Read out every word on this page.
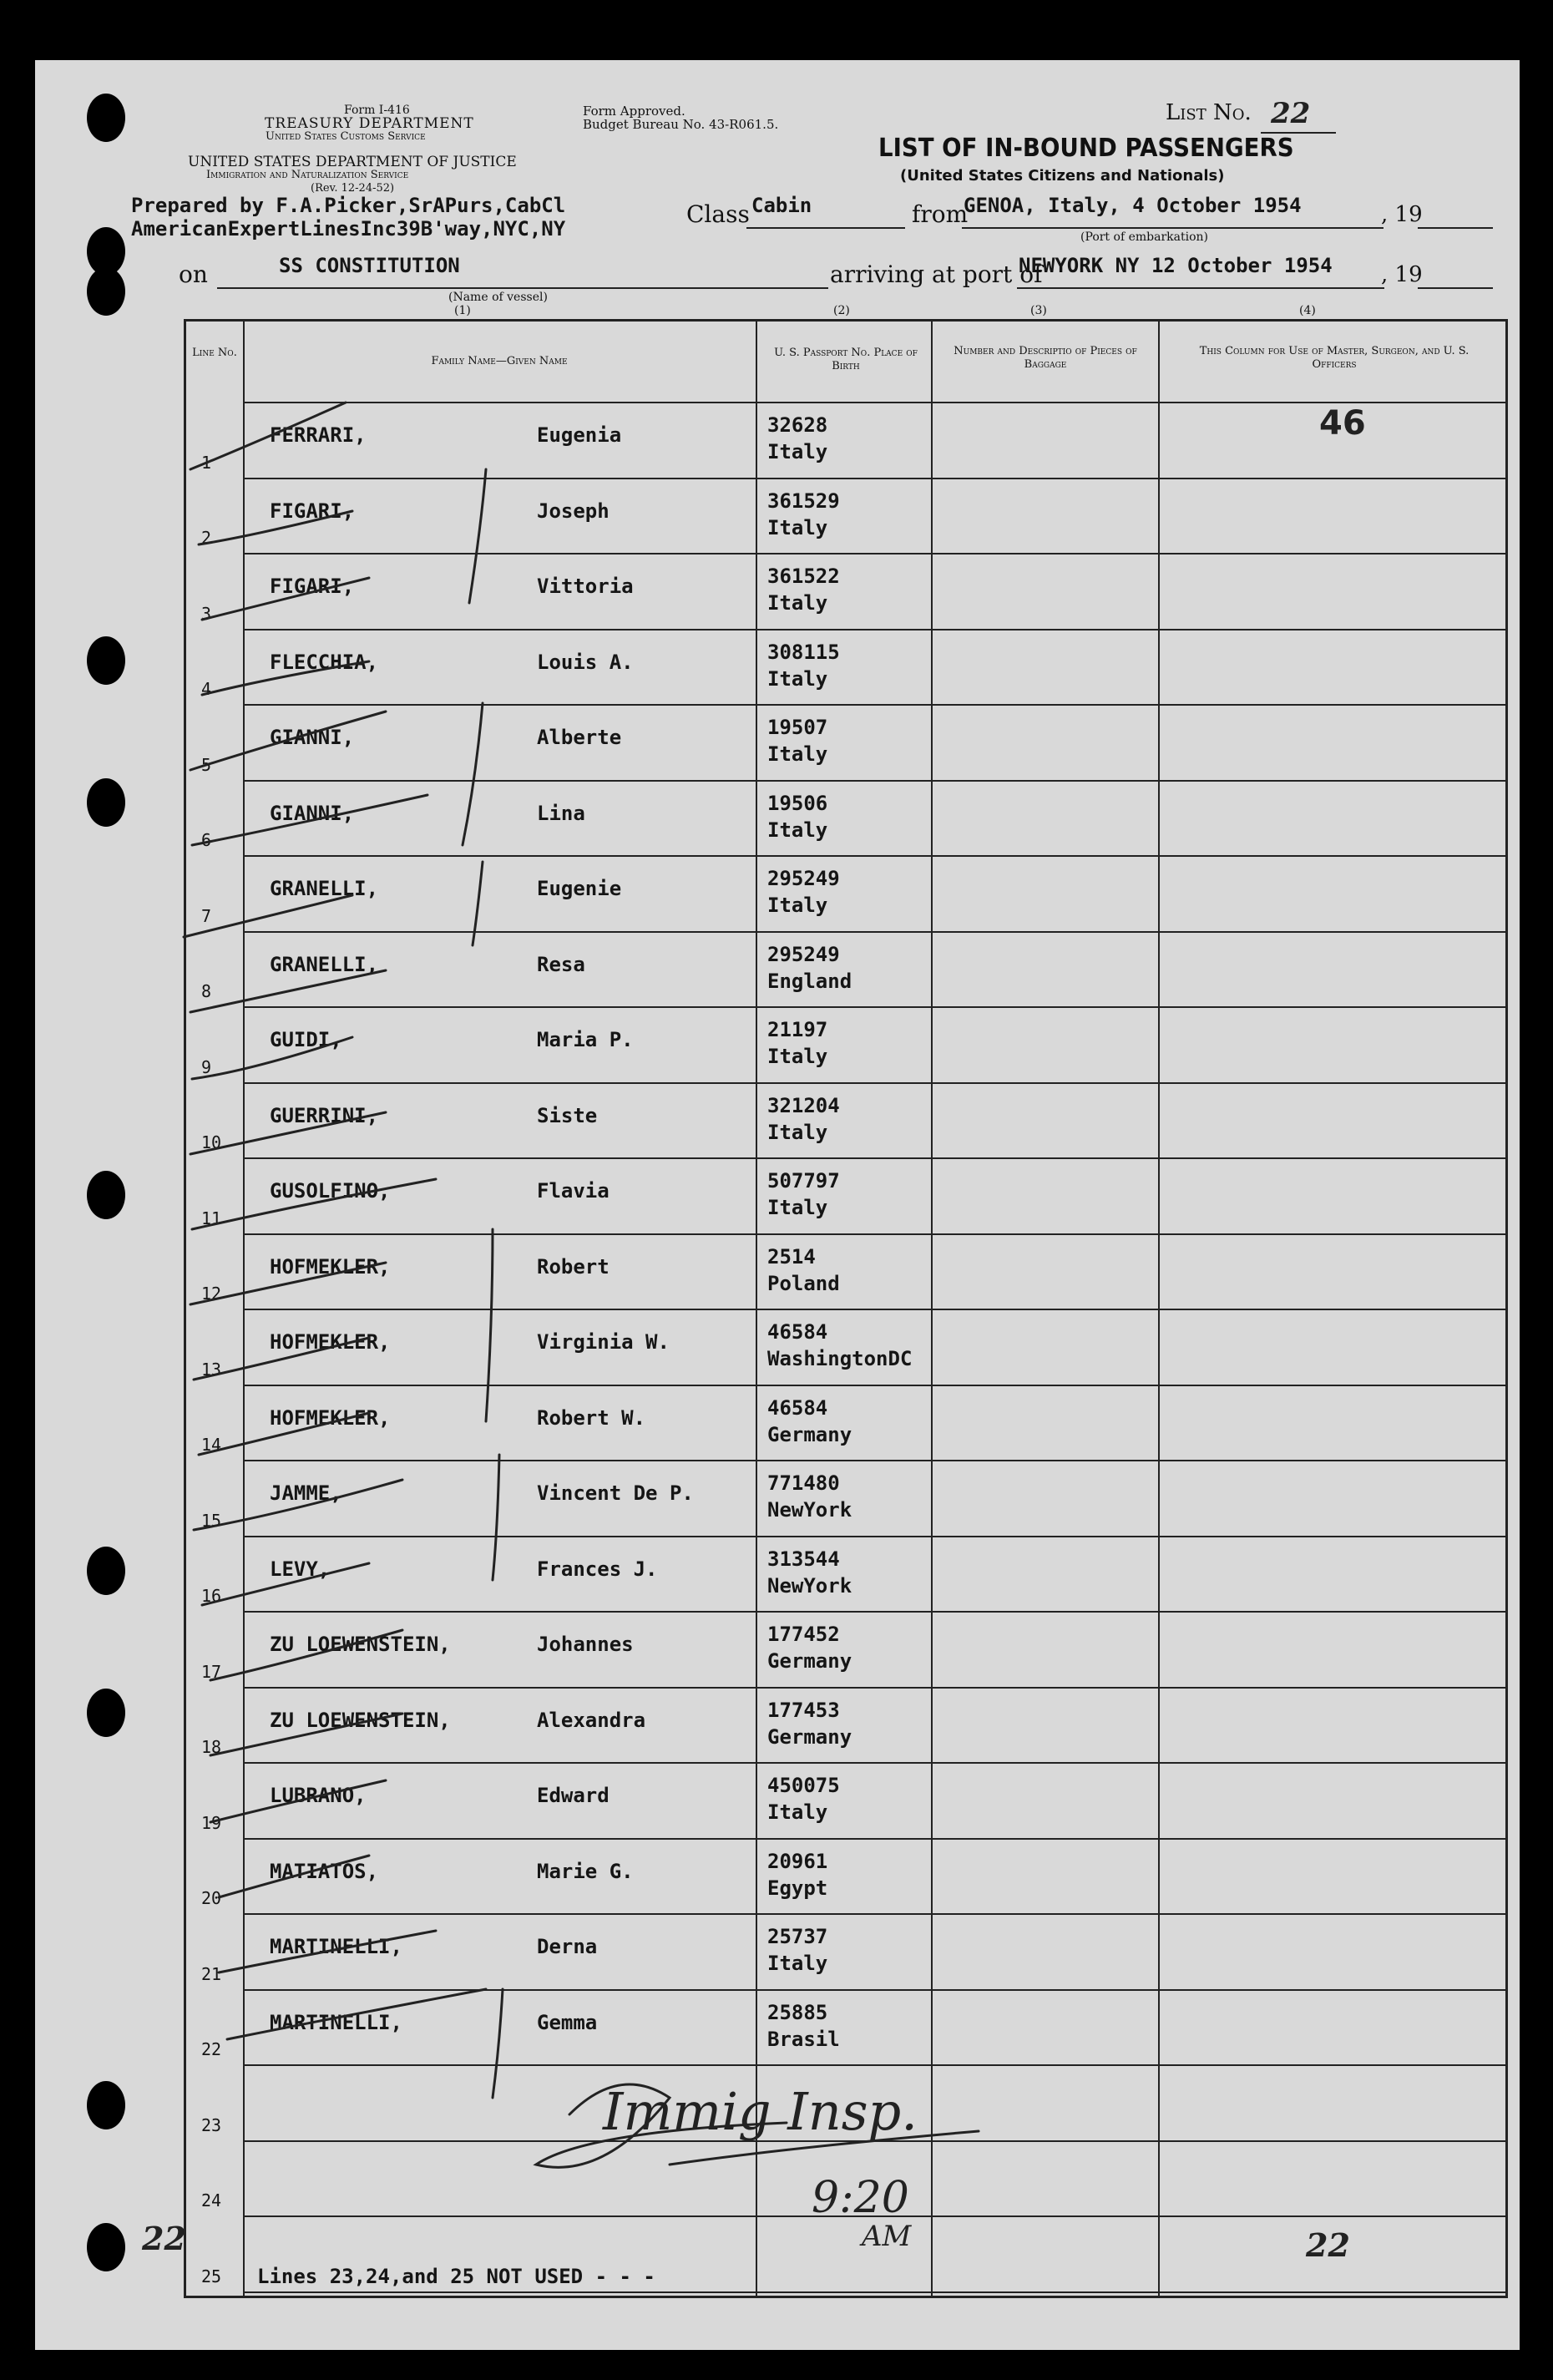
Form I-416
TREASURY DEPARTMENT
United States Customs Service
UNITED STATES DEPARTMENT OF JUSTICE
Immigration and Naturalization Service
(Rev. 12-24-52)
Prepared by F.A.Picker,SrAPurs,CabCl
AmericanExpertLinesInc39B'way,NYC,NY
Form Approved.
Budget Bureau No. 43-R061.5.	List No. 22
LIST OF IN-BOUND PASSENGERS
(United States Citizens and Nationals)
Class Cabin	from
GENOA, Italy, 4 October 1954	, 19
(Port of embarkation)
on	SS CONSTITUTION
(Name of vessel)
arriving at port of
NEWYORK NY 12 October 1954 , 19
(1)	(2)	(3)	(4)
Line No.
Family Name—Given Name
U. S. Passport No. Place of Birth
Number and Descriptio of Pieces of Baggage
This Column for Use of Master, Surgeon, and U. S. Officers
1
FERRARI,	Eugenia	32628
Italy
2
FIGARI,	Joseph	361529
Italy
3
FIGARI,	Vittoria	361522
Italy
4
FLECCHIA,	Louis A.	308115
Italy
5
GIANNI,	Alberte	19507
Italy
6
GIANNI,	Lina	19506
Italy
7
GRANELLI,	Eugenie	295249
Italy
8
GRANELLI,	Resa	295249
England
9
GUIDI,	Maria P.	21197
Italy
10
GUERRINI,	Siste	321204
Italy
11
GUSOLFINO,	Flavia	507797
Italy
12
HOFMEKLER,	Robert	2514
Poland
13
HOFMEKLER,	Virginia W.	46584
WashingtonDC
14
HOFMEKLER,	Robert W.	46584
Germany
15
JAMME,	Vincent De P.	771480
NewYork
16
LEVY,	Frances J.	313544
NewYork
17
ZU LOEWENSTEIN,	Johannes	177452
Germany
18
ZU LOEWENSTEIN,	Alexandra	177453
Germany
19
LUBRANO,	Edward	450075
Italy
20
MATIATOS,	Marie G.	20961
Egypt
21
MARTINELLI,	Derna	25737
Italy
22
MARTINELLI,	Gemma	25885
Brasil
23
24
25
46
Immig Insp.
9:20
AM
22	22
Lines 23,24,and 25 NOT USED - - -
